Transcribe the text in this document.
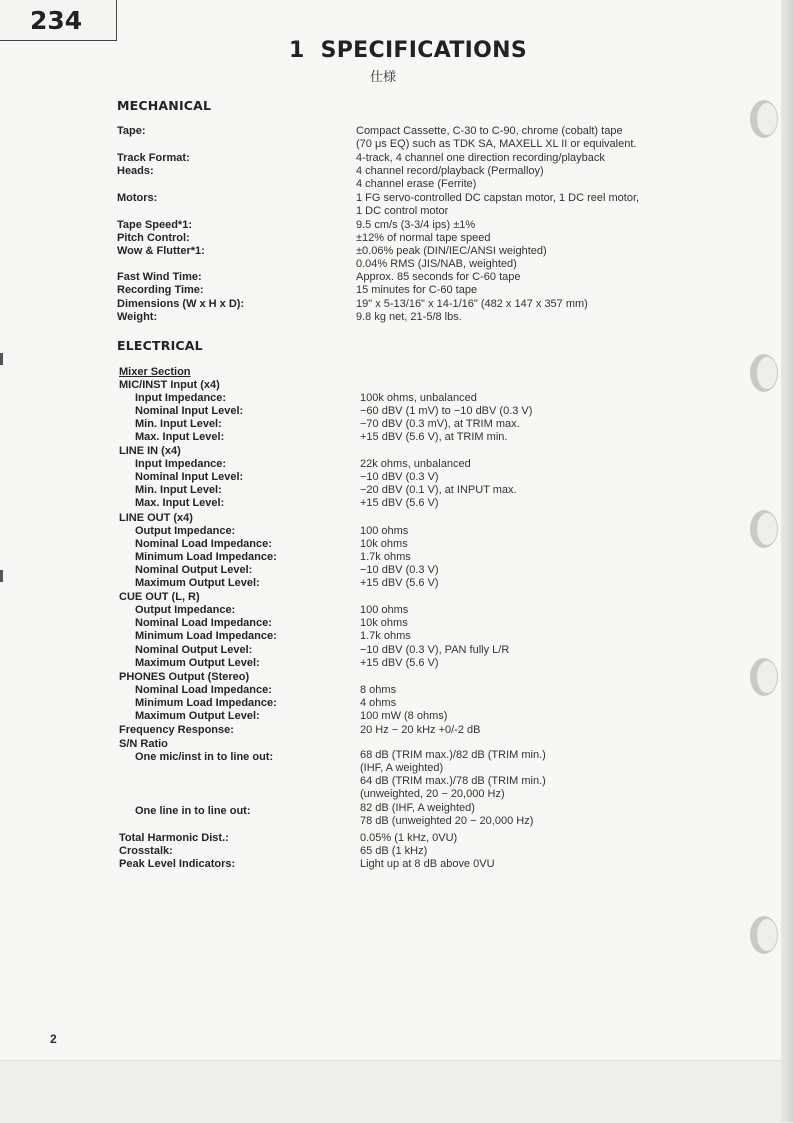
234
1 SPECIFICATIONS
仕様
MECHANICAL
ELECTRICAL
Tape:	Compact Cassette, C-30 to C-90, chrome (cobalt) tape
(70 μs EQ) such as TDK SA, MAXELL XL II or equivalent.
Track Format:	4-track, 4 channel one direction recording/playback
Heads:	4 channel record/playback (Permalloy)
4 channel erase (Ferrite)
Motors:	1 FG servo-controlled DC capstan motor, 1 DC reel motor,
1 DC control motor
Tape Speed*1:	9.5 cm/s (3-3/4 ips) ±1%
Pitch Control:	±12% of normal tape speed
Wow & Flutter*1:	±0.06% peak (DIN/IEC/ANSI weighted)
0.04% RMS (JIS/NAB, weighted)
Fast Wind Time:	Approx. 85 seconds for C-60 tape
Recording Time:	15 minutes for C-60 tape
Dimensions (W x H x D):	19" x 5-13/16" x 14-1/16" (482 x 147 x 357 mm)
Weight:	9.8 kg net, 21-5/8 lbs.
Mixer Section
MIC/INST Input (x4)
Input Impedance:	100k ohms, unbalanced
Nominal Input Level:	−60 dBV (1 mV) to −10 dBV (0.3 V)
Min. Input Level:	−70 dBV (0.3 mV), at TRIM max.
Max. Input Level:	+15 dBV (5.6 V), at TRIM min.
LINE IN (x4)
Input Impedance:	22k ohms, unbalanced
Nominal Input Level:	−10 dBV (0.3 V)
Min. Input Level:	−20 dBV (0.1 V), at INPUT max.
Max. Input Level:	+15 dBV (5.6 V)
LINE OUT (x4)
Output Impedance:	100 ohms
Nominal Load Impedance:	10k ohms
Minimum Load Impedance:	1.7k ohms
Nominal Output Level:	−10 dBV (0.3 V)
Maximum Output Level:	+15 dBV (5.6 V)
CUE OUT (L, R)
Output Impedance:	100 ohms
Nominal Load Impedance:	10k ohms
Minimum Load Impedance:	1.7k ohms
Nominal Output Level:	−10 dBV (0.3 V), PAN fully L/R
Maximum Output Level:	+15 dBV (5.6 V)
PHONES Output (Stereo)
Nominal Load Impedance:	8 ohms
Minimum Load Impedance:	4 ohms
Maximum Output Level:	100 mW (8 ohms)
Frequency Response:	20 Hz − 20 kHz +0/-2 dB
S/N Ratio
One mic/inst in to line out:	68 dB (TRIM max.)/82 dB (TRIM min.)
(IHF, A weighted)
64 dB (TRIM max.)/78 dB (TRIM min.)
(unweighted, 20 − 20,000 Hz)
One line in to line out:	82 dB (IHF, A weighted)
78 dB (unweighted 20 − 20,000 Hz)
Total Harmonic Dist.:	0.05% (1 kHz, 0VU)
Crosstalk:	65 dB (1 kHz)
Peak Level Indicators:	Light up at 8 dB above 0VU
2
